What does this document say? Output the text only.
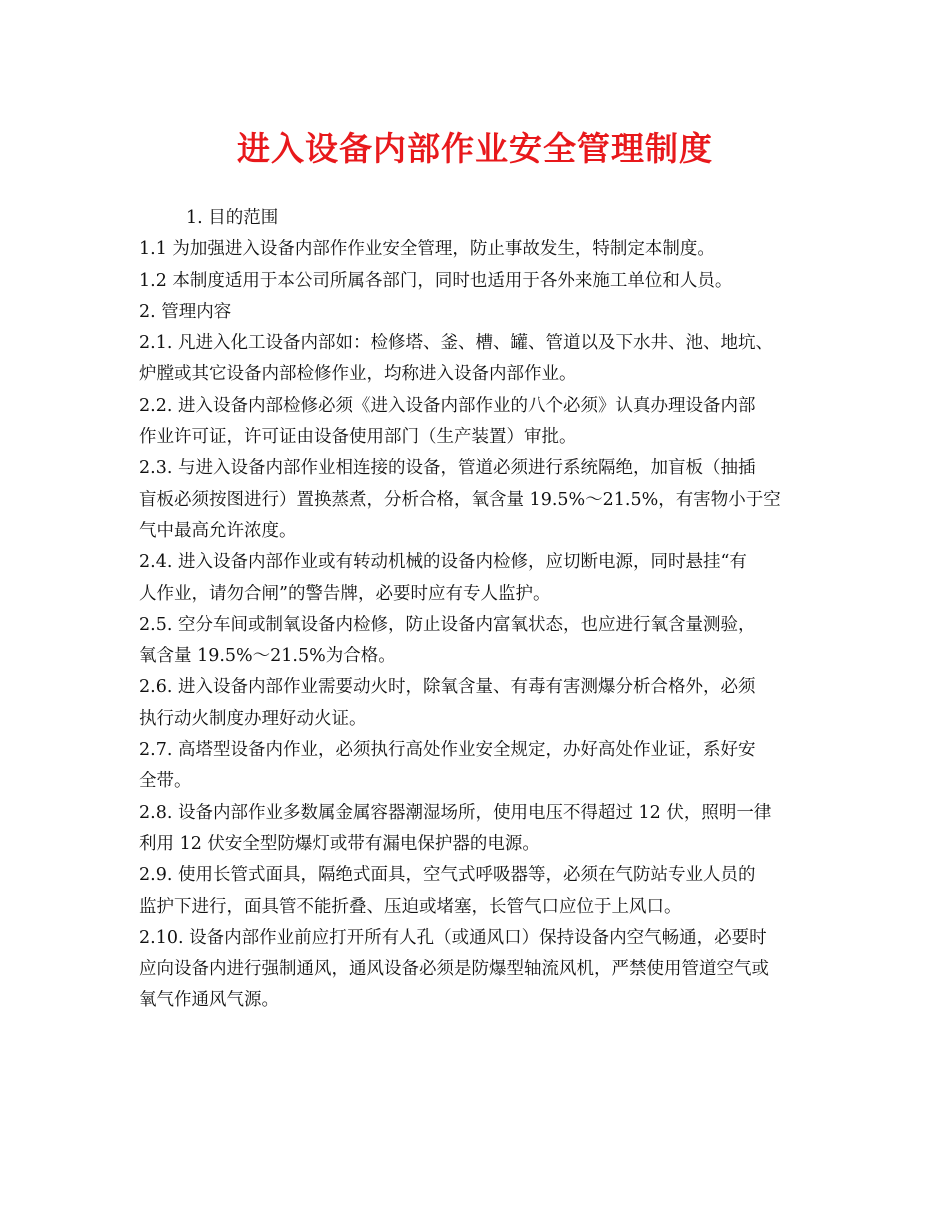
进入设备内部作业安全管理制度
1. 目的范围
1.1 为加强进入设备内部作作业安全管理，防止事故发生，特制定本制度。
1.2 本制度适用于本公司所属各部门，同时也适用于各外来施工单位和人员。
2. 管理内容
2.1. 凡进入化工设备内部如：检修塔、釜、槽、罐、管道以及下水井、池、地坑、
炉膛或其它设备内部检修作业，均称进入设备内部作业。
2.2. 进入设备内部检修必须《进入设备内部作业的八个必须》认真办理设备内部
作业许可证，许可证由设备使用部门（生产装置）审批。
2.3. 与进入设备内部作业相连接的设备，管道必须进行系统隔绝，加盲板（抽插
盲板必须按图进行）置换蒸煮，分析合格，氧含量 19.5%～21.5%，有害物小于空
气中最高允许浓度。
2.4. 进入设备内部作业或有转动机械的设备内检修，应切断电源，同时悬挂“有
人作业，请勿合闸”的警告牌，必要时应有专人监护。
2.5. 空分车间或制氧设备内检修，防止设备内富氧状态，也应进行氧含量测验，
氧含量 19.5%～21.5%为合格。
2.6. 进入设备内部作业需要动火时，除氧含量、有毒有害测爆分析合格外，必须
执行动火制度办理好动火证。
2.7. 高塔型设备内作业，必须执行高处作业安全规定，办好高处作业证，系好安
全带。
2.8. 设备内部作业多数属金属容器潮湿场所，使用电压不得超过 12 伏，照明一律
利用 12 伏安全型防爆灯或带有漏电保护器的电源。
2.9. 使用长管式面具，隔绝式面具，空气式呼吸器等，必须在气防站专业人员的
监护下进行，面具管不能折叠、压迫或堵塞，长管气口应位于上风口。
2.10. 设备内部作业前应打开所有人孔（或通风口）保持设备内空气畅通，必要时
应向设备内进行强制通风，通风设备必须是防爆型轴流风机，严禁使用管道空气或
氧气作通风气源。
